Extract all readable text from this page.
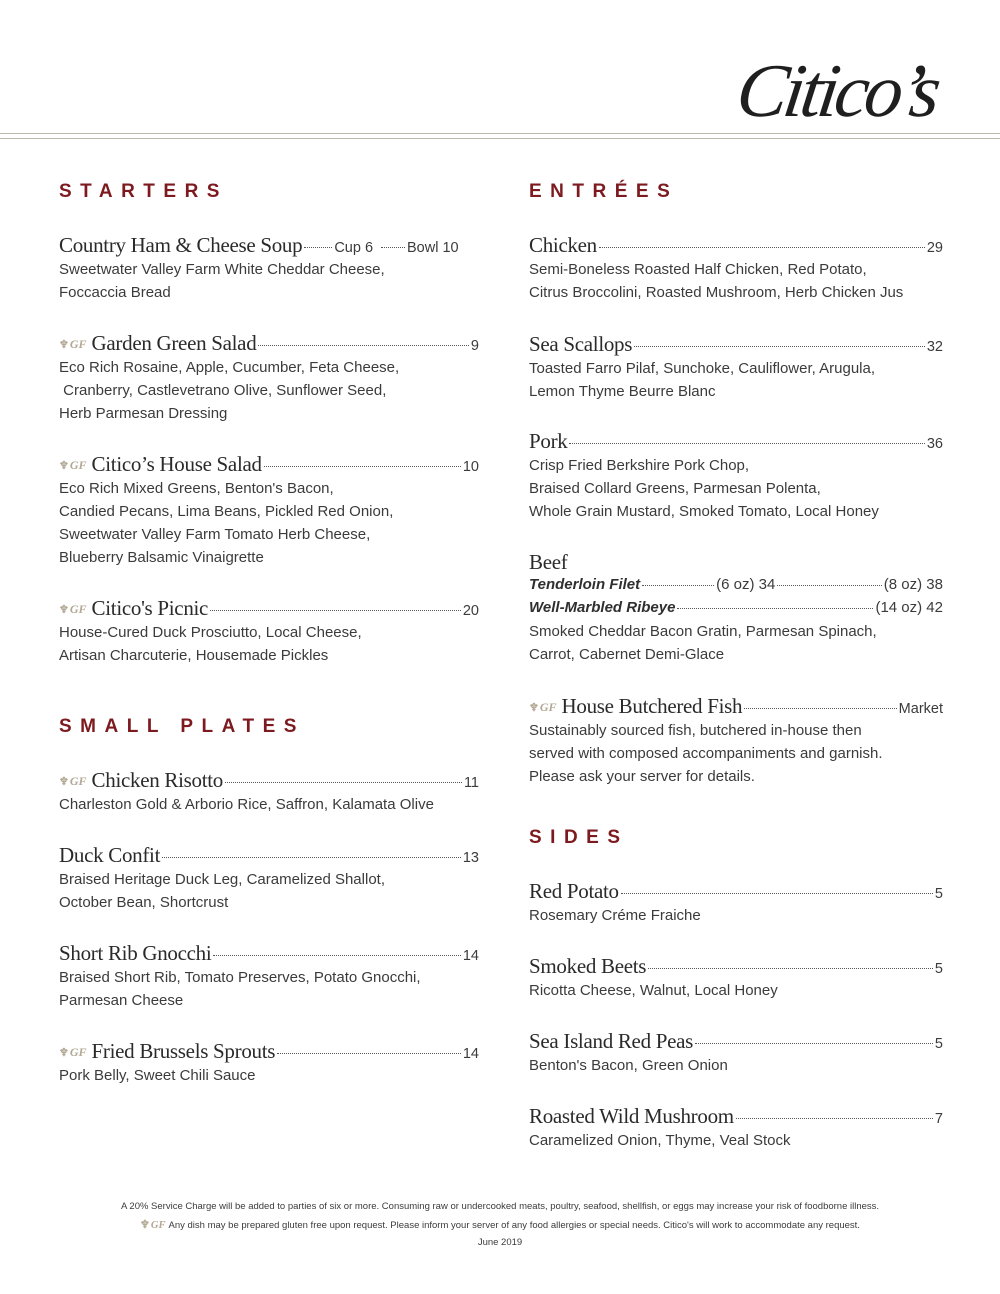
Citico’s
STARTERS
Country Ham & Cheese Soup Cup 6 Bowl 10
Sweetwater Valley Farm White Cheddar Cheese,
Foccaccia Bread
♆GF Garden Green Salad	9
Eco Rich Rosaine, Apple, Cucumber, Feta Cheese,
Cranberry, Castlevetrano Olive, Sunflower Seed,
Herb Parmesan Dressing
♆GF Citico’s House Salad	10
Eco Rich Mixed Greens, Benton's Bacon,
Candied Pecans, Lima Beans, Pickled Red Onion,
Sweetwater Valley Farm Tomato Herb Cheese,
Blueberry Balsamic Vinaigrette
♆GF Citico's Picnic	20
House-Cured Duck Prosciutto, Local Cheese,
Artisan Charcuterie, Housemade Pickles
SMALL PLATES
♆GF Chicken Risotto	11
Charleston Gold & Arborio Rice, Saffron, Kalamata Olive
Duck Confit	13
Braised Heritage Duck Leg, Caramelized Shallot,
October Bean, Shortcrust
Short Rib Gnocchi	14
Braised Short Rib, Tomato Preserves, Potato Gnocchi,
Parmesan Cheese
♆GF Fried Brussels Sprouts	14
Pork Belly, Sweet Chili Sauce
ENTRÉES
Chicken	29
Semi-Boneless Roasted Half Chicken, Red Potato,
Citrus Broccolini, Roasted Mushroom, Herb Chicken Jus
Sea Scallops	32
Toasted Farro Pilaf, Sunchoke, Cauliflower, Arugula,
Lemon Thyme Beurre Blanc
Pork	36
Crisp Fried Berkshire Pork Chop,
Braised Collard Greens, Parmesan Polenta,
Whole Grain Mustard, Smoked Tomato, Local Honey
Beef
Tenderloin Filet	(6 oz) 34	(8 oz) 38
Well-Marbled Ribeye	(14 oz) 42
Smoked Cheddar Bacon Gratin, Parmesan Spinach,
Carrot, Cabernet Demi-Glace
♆GF House Butchered Fish	Market
Sustainably sourced fish, butchered in-house then
served with composed accompaniments and garnish.
Please ask your server for details.
SIDES
Red Potato	5
Rosemary Créme Fraiche
Smoked Beets	5
Ricotta Cheese, Walnut, Local Honey
Sea Island Red Peas	5
Benton's Bacon, Green Onion
Roasted Wild Mushroom	7
Caramelized Onion, Thyme, Veal Stock
A 20% Service Charge will be added to parties of six or more. Consuming raw or undercooked meats, poultry, seafood, shellfish, or eggs may increase your risk of foodborne illness.
♆GF Any dish may be prepared gluten free upon request. Please inform your server of any food allergies or special needs. Citico's will work to accommodate any request.
June 2019
